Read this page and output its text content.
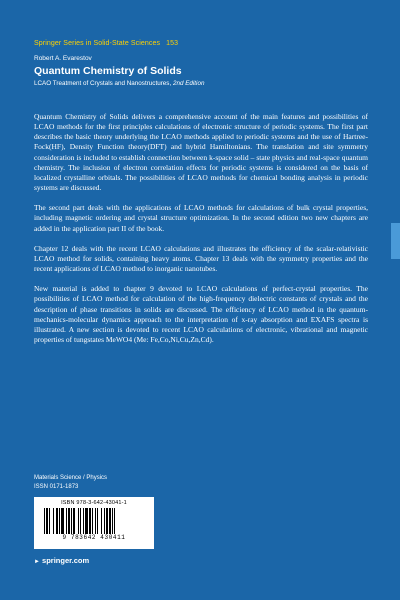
Springer Series in Solid-State Sciences 153
Robert A. Evarestov
Quantum Chemistry of Solids
LCAO Treatment of Crystals and Nanostructures, 2nd Edition

Quantum Chemistry of Solids delivers a comprehensive account of the main features and possibilities of LCAO methods for the first principles calculations of electronic structure of periodic systems. The first part describes the basic theory underlying the LCAO methods applied to periodic systems and the use of Hartree-Fock(HF), Density Function theory(DFT) and hybrid Hamiltonians. The translation and site symmetry consideration is included to establish connection between k-space solid – state physics and real-space quantum chemistry. The inclusion of electron correlation effects for periodic systems is considered on the basis of localized crystalline orbitals. The possibilities of LCAO methods for chemical bonding analysis in periodic systems are discussed.

The second part deals with the applications of LCAO methods for calculations of bulk crystal properties, including magnetic ordering and crystal structure optimization. In the second edition two new chapters are added in the application part II of the book.

Chapter 12 deals with the recent LCAO calculations and illustrates the efficiency of the scalar-relativistic LCAO method for solids, containing heavy atoms. Chapter 13 deals with the symmetry properties and the recent applications of LCAO method to inorganic nanotubes.

New material is added to chapter 9 devoted to LCAO calculations of perfect-crystal properties. The possibilities of LCAO method for calculation of the high-frequency dielectric constants of crystals and the description of phase transitions in solids are discussed. The efficiency of LCAO method in the quantum-mechanics-molecular dynamics approach to the interpretation of x-ray absorption and EXAFS spectra is illustrated. A new section is devoted to recent LCAO calculations of electronic, vibrational and magnetic properties of tungstates MeWO4 (Me: Fe,Co,Ni,Cu,Zn,Cd).

Materials Science / Physics
ISSN 0171-1873
ISBN 978-3-642-43041-1
9 783642 430411
► springer.com
